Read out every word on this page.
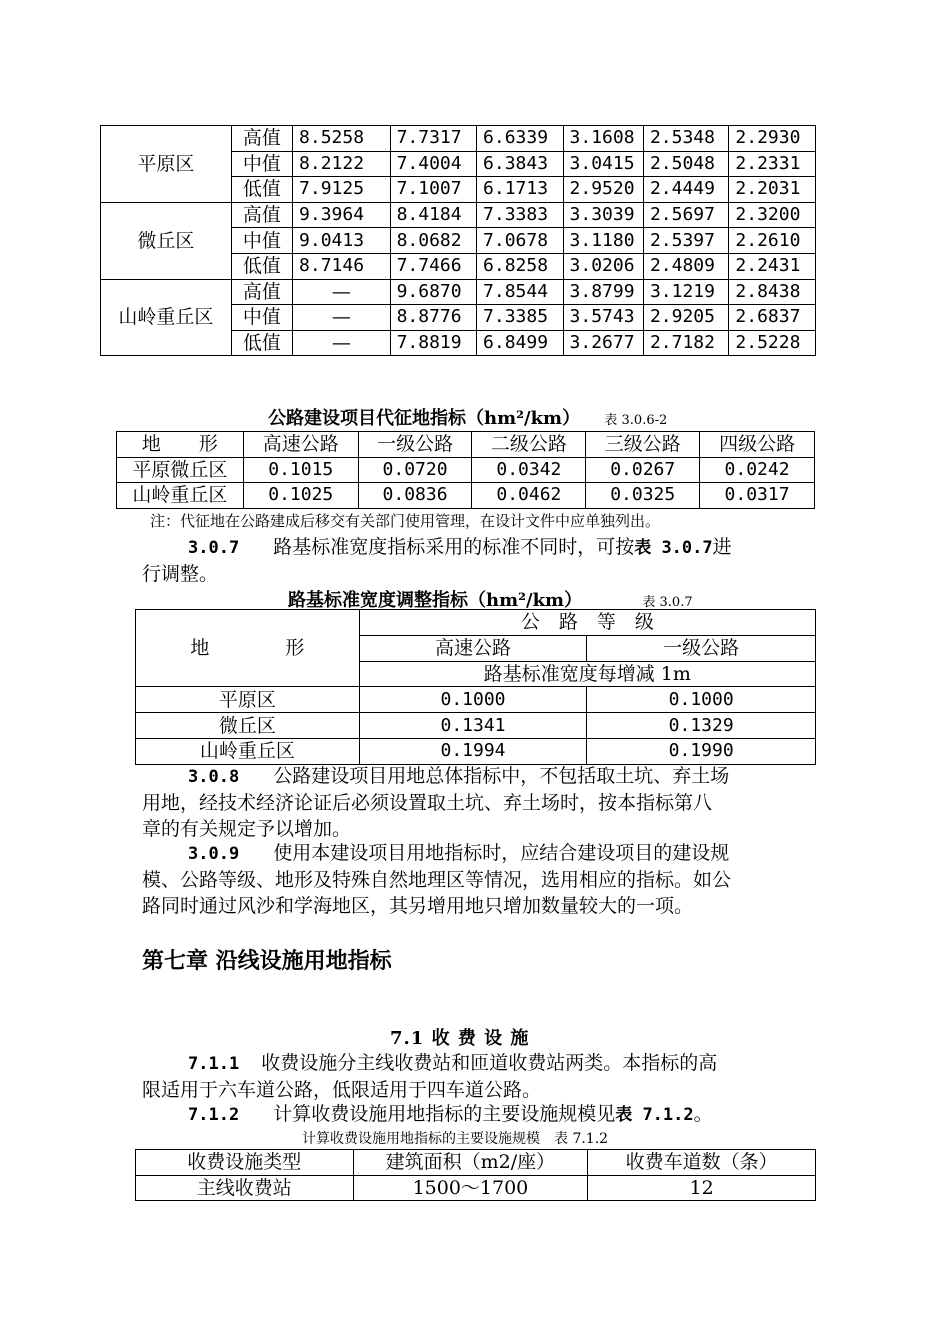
平原区	高值	8.5258	7.7317	6.6339	3.1608	2.5348	2.2930
	中值	8.2122	7.4004	6.3843	3.0415	2.5048	2.2331
	低值	7.9125	7.1007	6.1713	2.9520	2.4449	2.2031
微丘区	高值	9.3964	8.4184	7.3383	3.3039	2.5697	2.3200
	中值	9.0413	8.0682	7.0678	3.1180	2.5397	2.2610
	低值	8.7146	7.7466	6.8258	3.0206	2.4809	2.2431
山岭重丘区	高值	—	9.6870	7.8544	3.8799	3.1219	2.8438
	中值	—	8.8776	7.3385	3.5743	2.9205	2.6837
	低值	—	7.8819	6.8499	3.2677	2.7182	2.5228
公路建设项目代征地指标（hm²/km） 表 3.0.6-2
地　　形	高速公路	一级公路	二级公路	三级公路	四级公路
平原微丘区	0.1015	0.0720	0.0342	0.0267	0.0242
山岭重丘区	0.1025	0.0836	0.0462	0.0325	0.0317
注：代征地在公路建成后移交有关部门使用管理，在设计文件中应单独列出。
3.0.7 路基标准宽度指标采用的标准不同时，可按表 3.0.7进
行调整。
路基标准宽度调整指标（hm²/km）	表 3.0.7
地　　　　形	公　路　等　级	
	高速公路	一级公路
	路基标准宽度每增减 1m	
平原区	0.1000	0.1000
微丘区	0.1341	0.1329
山岭重丘区	0.1994	0.1990
3.0.8 公路建设项目用地总体指标中，不包括取土坑、弃土场
用地，经技术经济论证后必须设置取土坑、弃土场时，按本指标第八
章的有关规定予以增加。
3.0.9 使用本建设项目用地指标时，应结合建设项目的建设规
模、公路等级、地形及特殊自然地理区等情况，选用相应的指标。如公
路同时通过风沙和学海地区，其另增用地只增加数量较大的一项。
第七章 沿线设施用地指标
7.1 收 费 设 施
7.1.1 收费设施分主线收费站和匝道收费站两类。本指标的高
限适用于六车道公路，低限适用于四车道公路。
7.1.2 计算收费设施用地指标的主要设施规模见表 7.1.2。
计算收费设施用地指标的主要设施规模　表 7.1.2
收费设施类型	建筑面积（m2/座）	收费车道数（条）
主线收费站	1500～1700	12
